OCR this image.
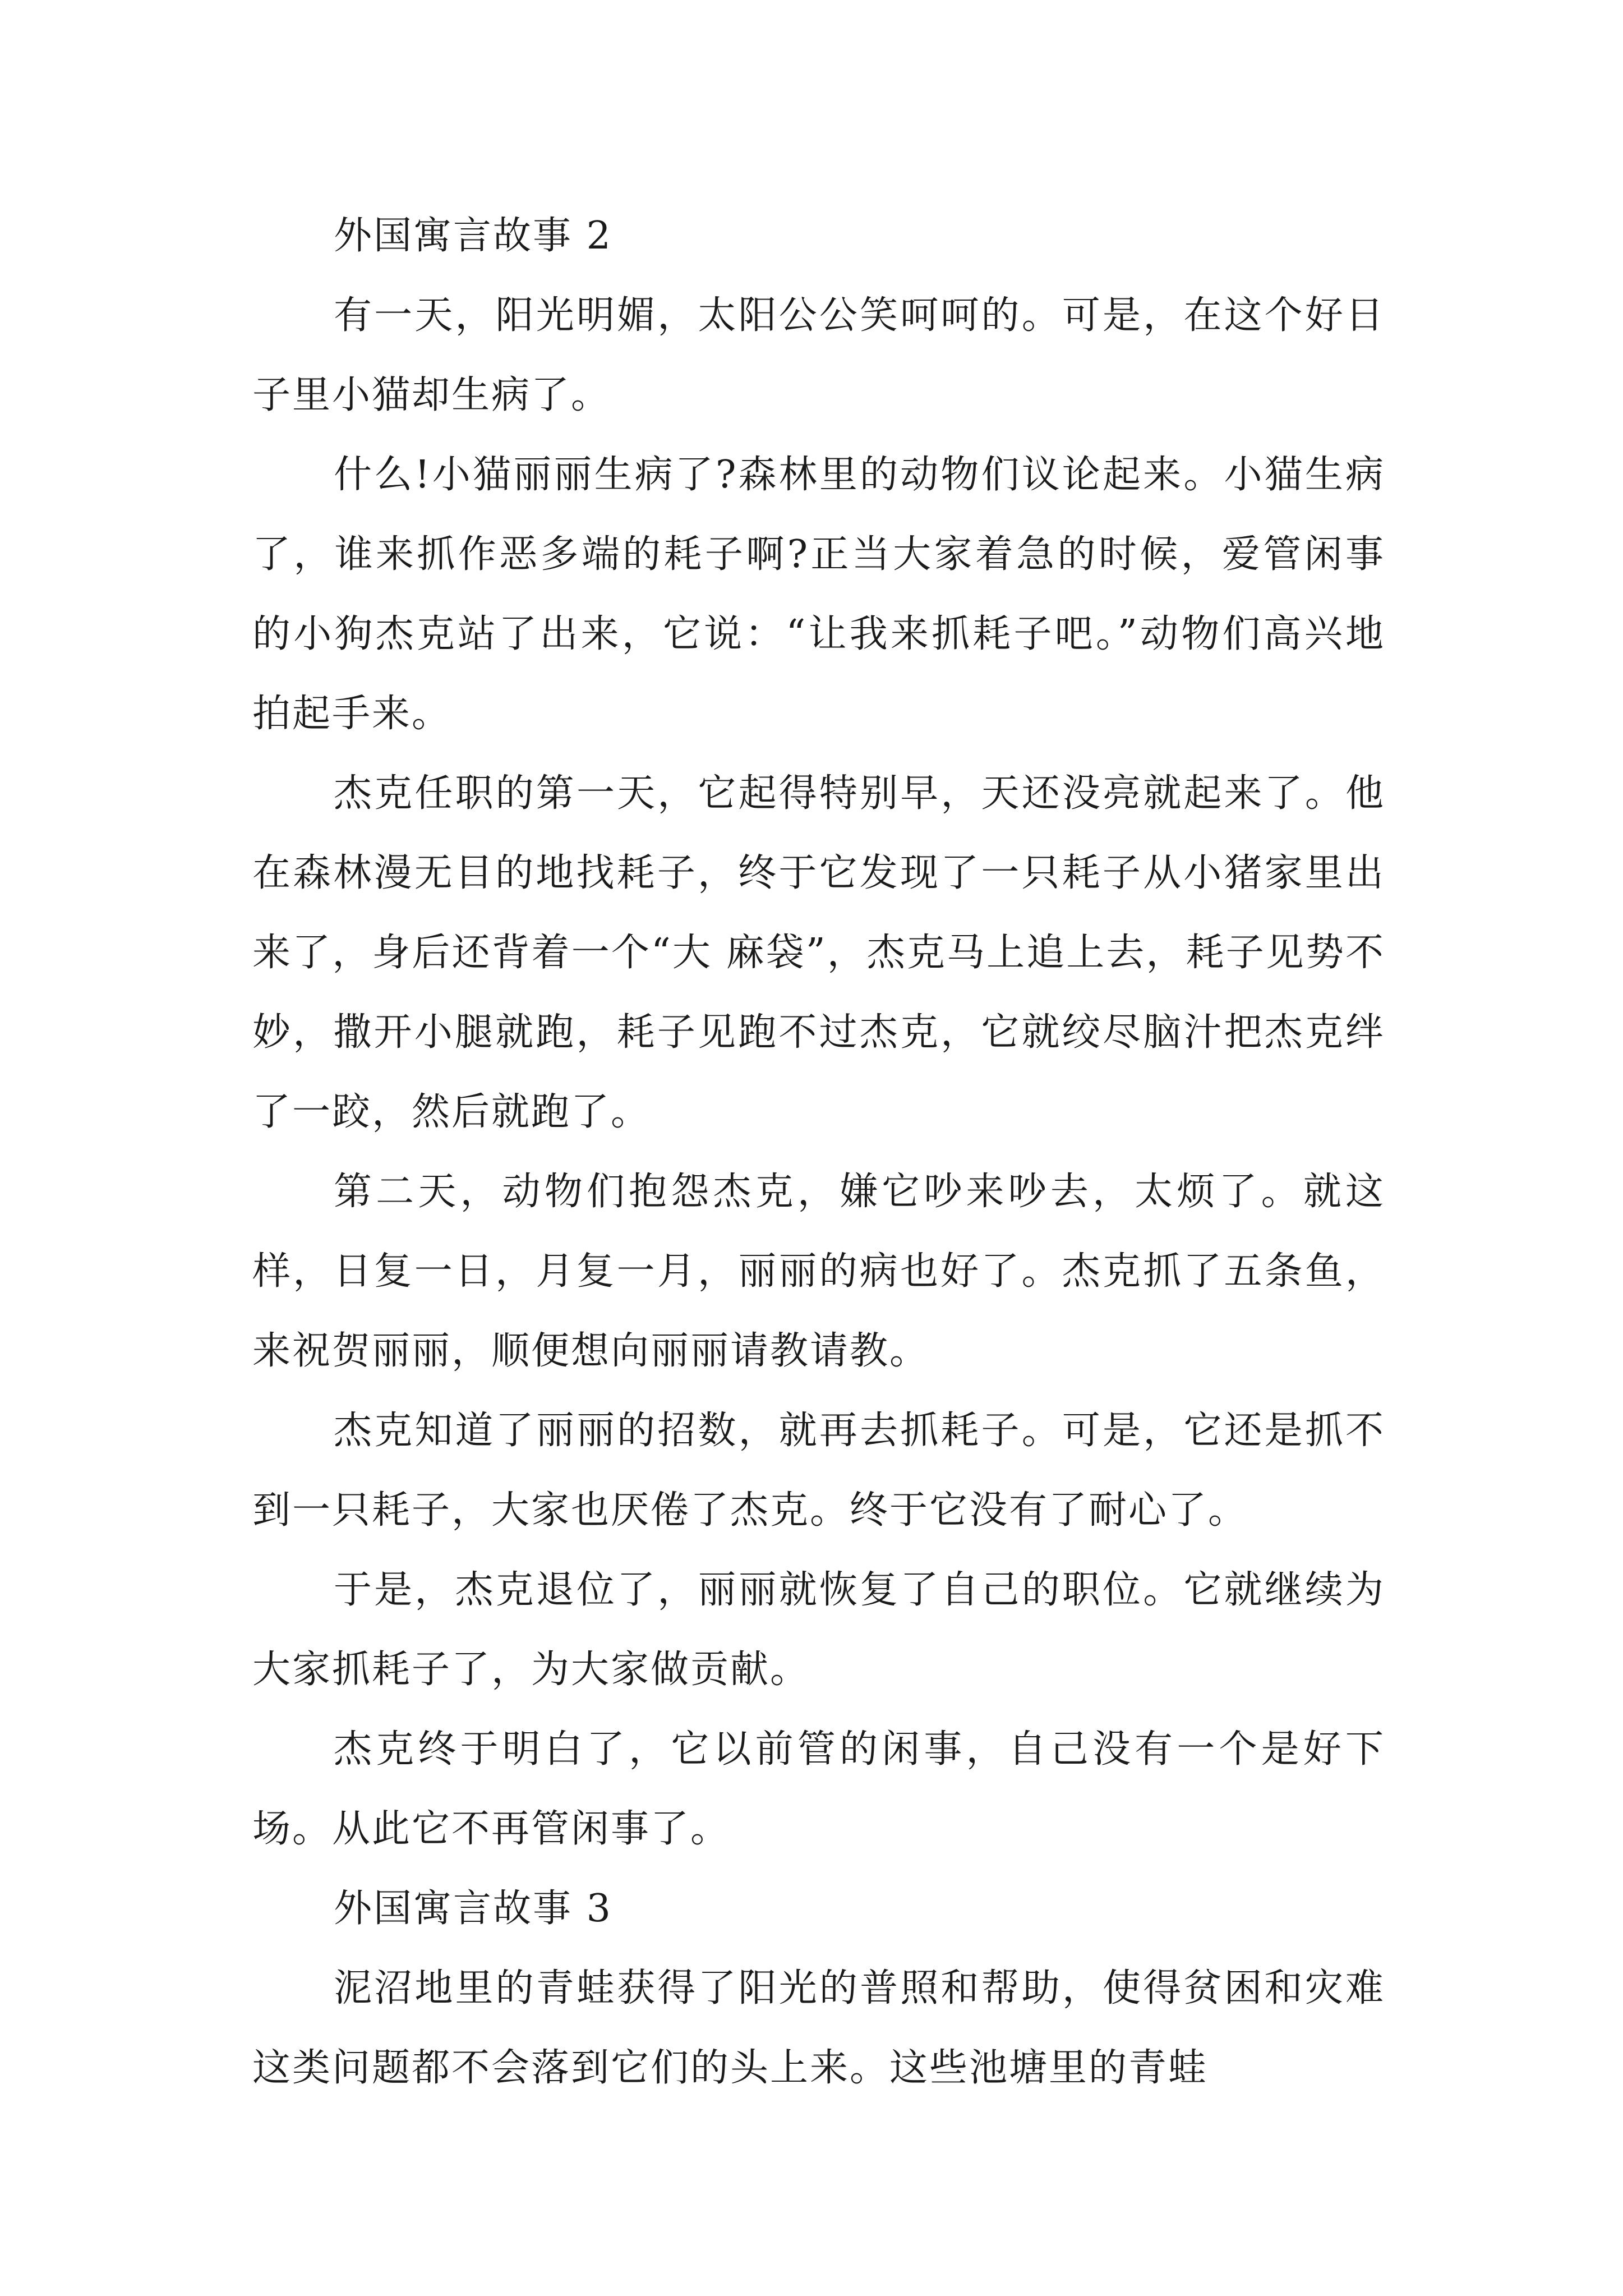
外国寓言故事 2

有一天，阳光明媚，太阳公公笑呵呵的。可是，在这个好日子里小猫却生病了。

什么!小猫丽丽生病了?森林里的动物们议论起来。小猫生病了，谁来抓作恶多端的耗子啊?正当大家着急的时候，爱管闲事的小狗杰克站了出来，它说：“让我来抓耗子吧。”动物们高兴地拍起手来。

杰克任职的第一天，它起得特别早，天还没亮就起来了。他在森林漫无目的地找耗子，终于它发现了一只耗子从小猪家里出来了，身后还背着一个“大 麻袋”，杰克马上追上去，耗子见势不妙，撒开小腿就跑，耗子见跑不过杰克，它就绞尽脑汁把杰克绊了一跤，然后就跑了。

第二天，动物们抱怨杰克，嫌它吵来吵去，太烦了。就这样，日复一日，月复一月，丽丽的病也好了。杰克抓了五条鱼，来祝贺丽丽，顺便想向丽丽请教请教。

杰克知道了丽丽的招数，就再去抓耗子。可是，它还是抓不到一只耗子，大家也厌倦了杰克。终于它没有了耐心了。

于是，杰克退位了，丽丽就恢复了自己的职位。它就继续为大家抓耗子了，为大家做贡献。

杰克终于明白了，它以前管的闲事，自己没有一个是好下场。从此它不再管闲事了。

外国寓言故事 3

泥沼地里的青蛙获得了阳光的普照和帮助，使得贫困和灾难这类问题都不会落到它们的头上来。这些池塘里的青蛙
